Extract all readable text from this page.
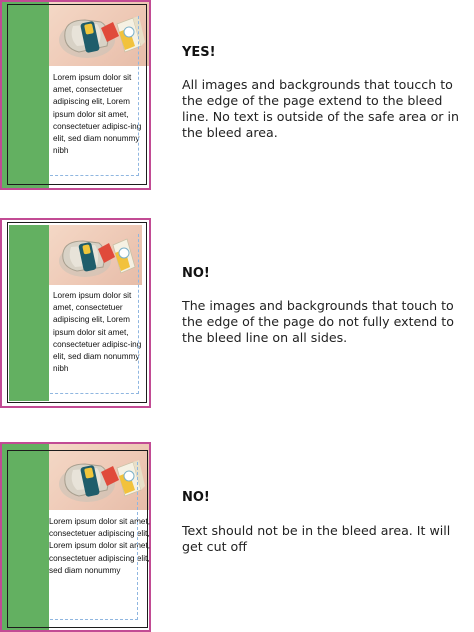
Lorem ipsum dolor sit amet, consectetuer adipiscing elit, Lorem ipsum dolor sit amet, consectetuer adipisc-ing elit, sed diam nonummy nibh
YES!
All images and backgrounds that toucch to the edge of the page extend to the bleed line. No text is outside of the safe area or in the bleed area.
Lorem ipsum dolor sit amet, consectetuer adipiscing elit, Lorem ipsum dolor sit amet, consectetuer adipisc-ing elit, sed diam nonummy nibh
NO!
The images and backgrounds that touch to the edge of the page do not fully extend to the bleed line on all sides.
Lorem ipsum dolor sit amet, consectetuer adipiscing elit, Lorem ipsum dolor sit amet, consectetuer adipiscing elit, sed diam nonummy
NO!
Text should not be in the bleed area. It will get cut off
